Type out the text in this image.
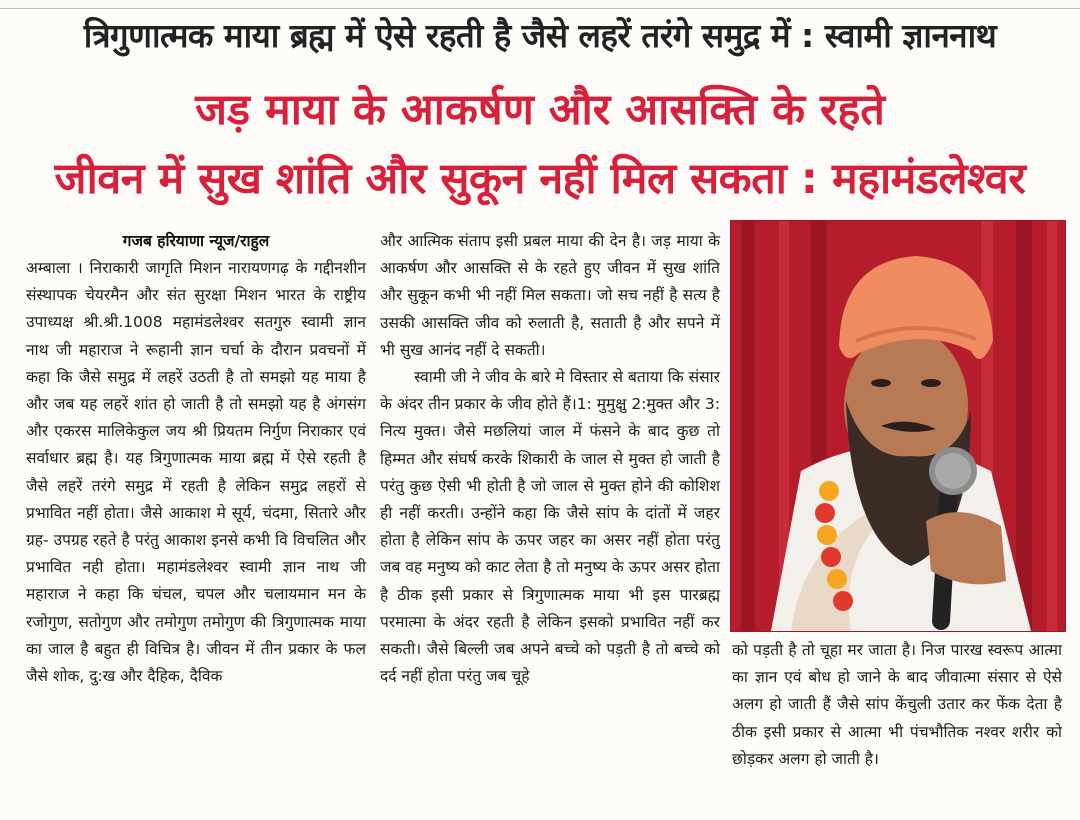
त्रिगुणात्मक माया ब्रह्म में ऐसे रहती है जैसे लहरें तरंगे समुद्र में : स्वामी ज्ञाननाथ
जड़ माया के आकर्षण और आसक्ति के रहते
जीवन में सुख शांति और सुकून नहीं मिल सकता : महामंडलेश्वर
गजब हरियाणा न्यूज/राहुल

अम्बाला । निराकारी जागृति मिशन नारायणगढ़ के गद्दीनशीन संस्थापक चेयरमैन और संत सुरक्षा मिशन भारत के राष्ट्रीय उपाध्यक्ष श्री.श्री.1008 महामंडलेश्वर सतगुरु स्वामी ज्ञान नाथ जी महाराज ने रूहानी ज्ञान चर्चा के दौरान प्रवचनों में कहा कि जैसे समुद्र में लहरें उठती है तो समझो यह माया है और जब यह लहरें शांत हो जाती है तो समझो यह है अंगसंग और एकरस मालिकेकुल जय श्री प्रियतम निर्गुण निराकार एवं सर्वाधार ब्रह्म है। यह त्रिगुणात्मक माया ब्रह्म में ऐसे रहती है जैसे लहरें तरंगे समुद्र में रहती है लेकिन समुद्र लहरों से प्रभावित नहीं होता। जैसे आकाश मे सूर्य, चंदमा, सितारे और ग्रह- उपग्रह रहते है परंतु आकाश इनसे कभी वि विचलित और प्रभावित नही होता। महामंडलेश्वर स्वामी ज्ञान नाथ जी महाराज ने कहा कि चंचल, चपल और चलायमान मन के रजोगुण, सतोगुण और तमोगुण तमोगुण की त्रिगुणात्मक माया का जाल है बहुत ही विचित्र है। जीवन में तीन प्रकार के फल जैसे शोक, दु:ख और दैहिक, दैविक

और आत्मिक संताप इसी प्रबल माया की देन है। जड़ माया के आकर्षण और आसक्ति से के रहते हुए जीवन में सुख शांति और सुकून कभी भी नहीं मिल सकता। जो सच नहीं है सत्य है उसकी आसक्ति जीव को रुलाती है, सताती है और सपने में भी सुख आनंद नहीं दे सकती।

स्वामी जी ने जीव के बारे मे विस्तार से बताया कि संसार के अंदर तीन प्रकार के जीव होते हैं।1: मुमुक्षु 2:मुक्त और 3: नित्य मुक्त। जैसे मछलियां जाल में फंसने के बाद कुछ तो हिम्मत और संघर्ष करके शिकारी के जाल से मुक्त हो जाती है परंतु कुछ ऐसी भी होती है जो जाल से मुक्त होने की कोशिश ही नहीं करती। उन्होंने कहा कि जैसे सांप के दांतों में जहर होता है लेकिन सांप के ऊपर जहर का असर नहीं होता परंतु जब वह मनुष्य को काट लेता है तो मनुष्य के ऊपर असर होता है ठीक इसी प्रकार से त्रिगुणात्मक माया भी इस पारब्रह्म परमात्मा के अंदर रहती है लेकिन इसको प्रभावित नहीं कर सकती। जैसे बिल्ली जब अपने बच्चे को पड़ती है तो बच्चे को दर्द नहीं होता परंतु जब चूहे

को पड़ती है तो चूहा मर जाता है। निज पारख स्वरूप आत्मा का ज्ञान एवं बोध हो जाने के बाद जीवात्मा संसार से ऐसे अलग हो जाती हैं जैसे सांप केंचुली उतार कर फेंक देता है ठीक इसी प्रकार से आत्मा भी पंचभौतिक नश्वर शरीर को छोड़कर अलग हो जाती है।
